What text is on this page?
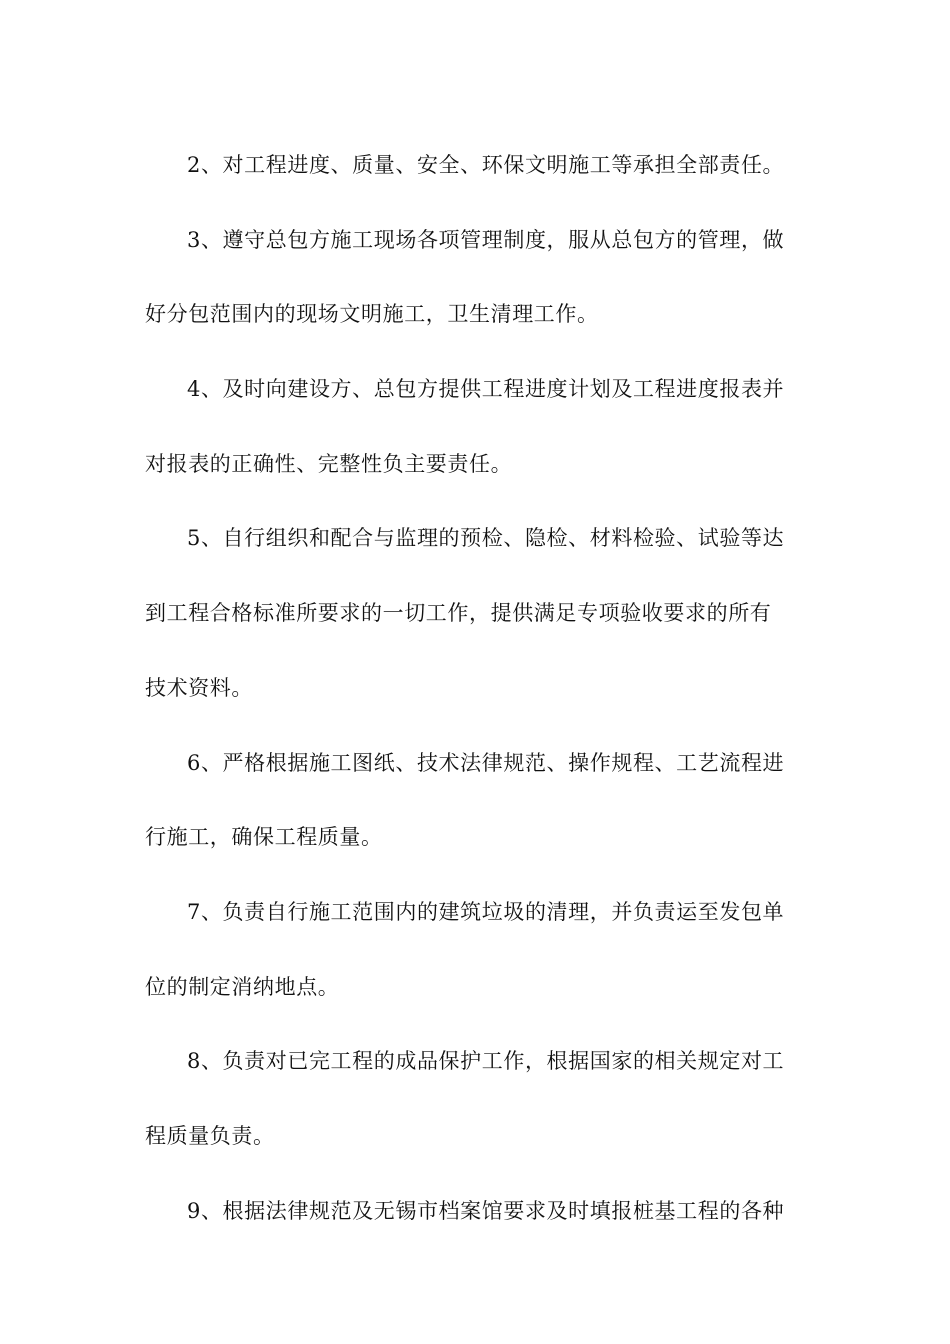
2、对工程进度、质量、安全、环保文明施工等承担全部责任。
3、遵守总包方施工现场各项管理制度，服从总包方的管理，做
好分包范围内的现场文明施工，卫生清理工作。
4、及时向建设方、总包方提供工程进度计划及工程进度报表并
对报表的正确性、完整性负主要责任。
5、自行组织和配合与监理的预检、隐检、材料检验、试验等达
到工程合格标准所要求的一切工作，提供满足专项验收要求的所有
技术资料。
6、严格根据施工图纸、技术法律规范、操作规程、工艺流程进
行施工，确保工程质量。
7、负责自行施工范围内的建筑垃圾的清理，并负责运至发包单
位的制定消纳地点。
8、负责对已完工程的成品保护工作，根据国家的相关规定对工
程质量负责。
9、根据法律规范及无锡市档案馆要求及时填报桩基工程的各种
